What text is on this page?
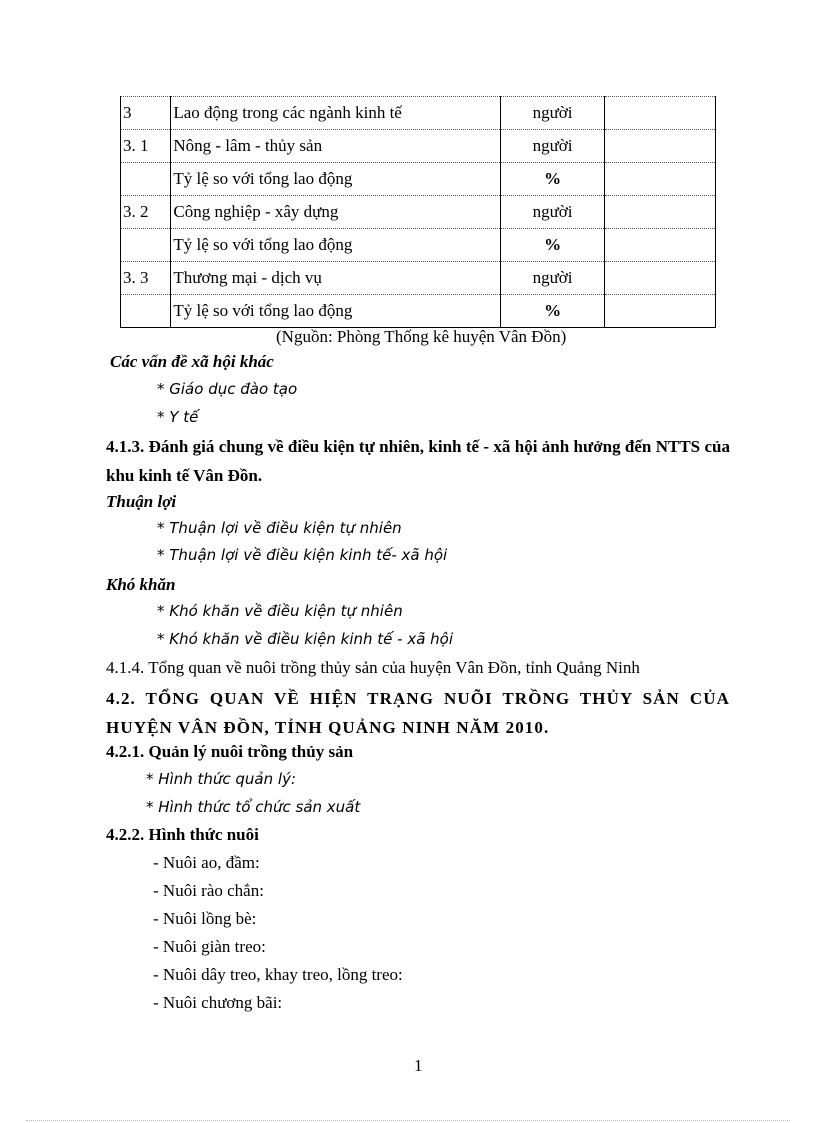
3	Lao động trong các ngành kinh tế	người	
3. 1	Nông - lâm - thủy sản	người	
	Tỷ lệ so với tổng lao động	%	
3. 2	Công nghiệp - xây dựng	người	
	Tỷ lệ so với tổng lao động	%	
3. 3	Thương mại - dịch vụ	người	
	Tỷ lệ so với tổng lao động	%	
(Nguồn: Phòng Thống kê huyện Vân Đồn)
Các vấn đề xã hội khác
* Giáo dục đào tạo
* Y tế
4.1.3. Đánh giá chung về điều kiện tự nhiên, kinh tế - xã hội ảnh hưởng đến NTTS của khu kinh tế Vân Đồn.
Thuận lợi
* Thuận lợi về điều kiện tự nhiên
* Thuận lợi về điều kiện kinh tế- xã hội
Khó khăn
* Khó khăn về điều kiện tự nhiên
* Khó khăn về điều kiện kinh tế - xã hội
4.1.4. Tổng quan về nuôi trồng thủy sản của huyện Vân Đồn, tỉnh Quảng Ninh
4.2. TỔNG QUAN VỀ HIỆN TRẠNG NUÕI TRỒNG THỦY SẢN CỦA HUYỆN VÂN ĐỒN, TỈNH QUẢNG NINH NĂM 2010.
4.2.1. Quản lý nuôi trồng thủy sản
* Hình thức quản lý:
* Hình thức tổ chức sản xuất
4.2.2. Hình thức nuôi
- Nuôi ao, đầm:
- Nuôi rào chắn:
- Nuôi lồng bè:
- Nuôi giàn treo:
- Nuôi dây treo, khay treo, lồng treo:
- Nuôi chương bãi:
1
